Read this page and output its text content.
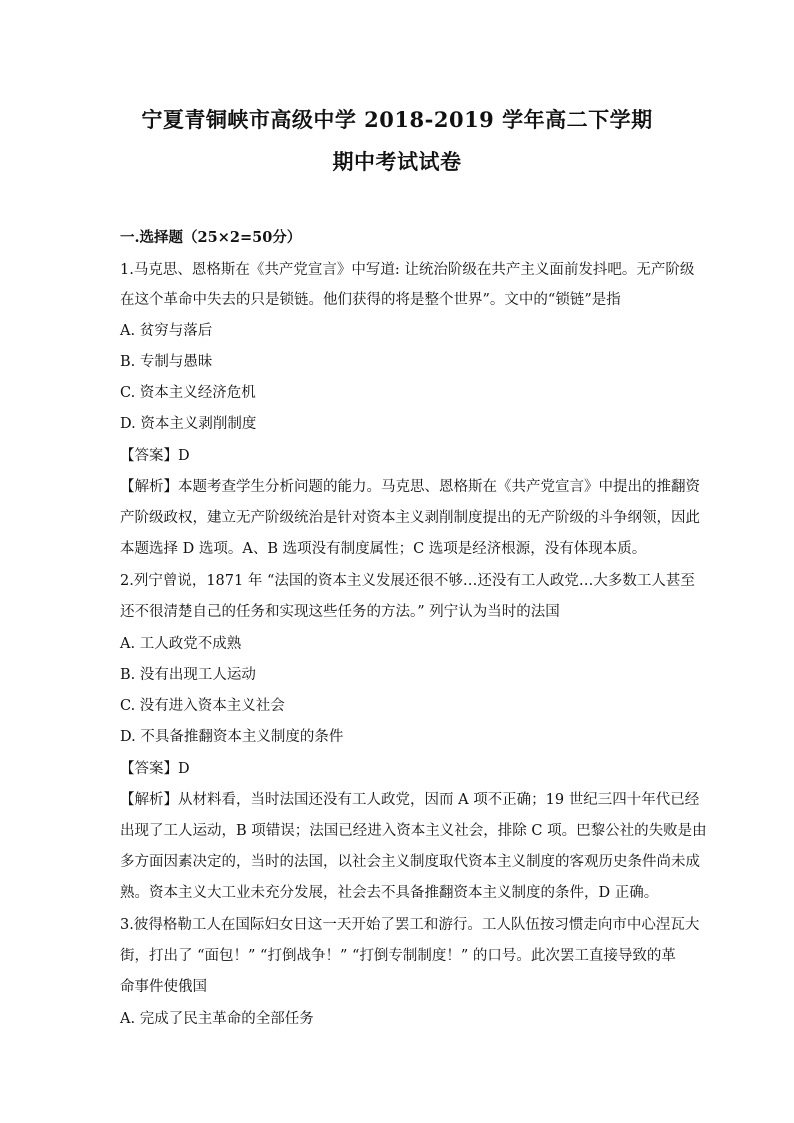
宁夏青铜峡市高级中学 2018-2019 学年高二下学期
期中考试试卷
一.选择题（25×2=50分）
1.马克思、恩格斯在《共产党宣言》中写道: 让统治阶级在共产主义面前发抖吧。无产阶级
在这个革命中失去的只是锁链。他们获得的将是整个世界”。文中的“锁链”是指
A. 贫穷与落后
B. 专制与愚昧
C. 资本主义经济危机
D. 资本主义剥削制度
【答案】D
【解析】本题考查学生分析问题的能力。马克思、恩格斯在《共产党宣言》中提出的推翻资
产阶级政权，建立无产阶级统治是针对资本主义剥削制度提出的无产阶级的斗争纲领，因此
本题选择 D 选项。A、B 选项没有制度属性；C 选项是经济根源，没有体现本质。
2.列宁曾说，1871 年 “法国的资本主义发展还很不够…还没有工人政党…大多数工人甚至
还不很清楚自己的任务和实现这些任务的方法。” 列宁认为当时的法国
A. 工人政党不成熟
B. 没有出现工人运动
C. 没有进入资本主义社会
D. 不具备推翻资本主义制度的条件
【答案】D
【解析】从材料看，当时法国还没有工人政党，因而 A 项不正确；19 世纪三四十年代已经
出现了工人运动，B 项错误；法国已经进入资本主义社会，排除 C 项。巴黎公社的失败是由
多方面因素决定的，当时的法国，以社会主义制度取代资本主义制度的客观历史条件尚未成
熟。资本主义大工业未充分发展，社会去不具备推翻资本主义制度的条件，D 正确。
3.彼得格勒工人在国际妇女日这一天开始了罢工和游行。工人队伍按习惯走向市中心涅瓦大
街，打出了 “面包！” “打倒战争！” “打倒专制制度！” 的口号。此次罢工直接导致的革
命事件使俄国
A. 完成了民主革命的全部任务
